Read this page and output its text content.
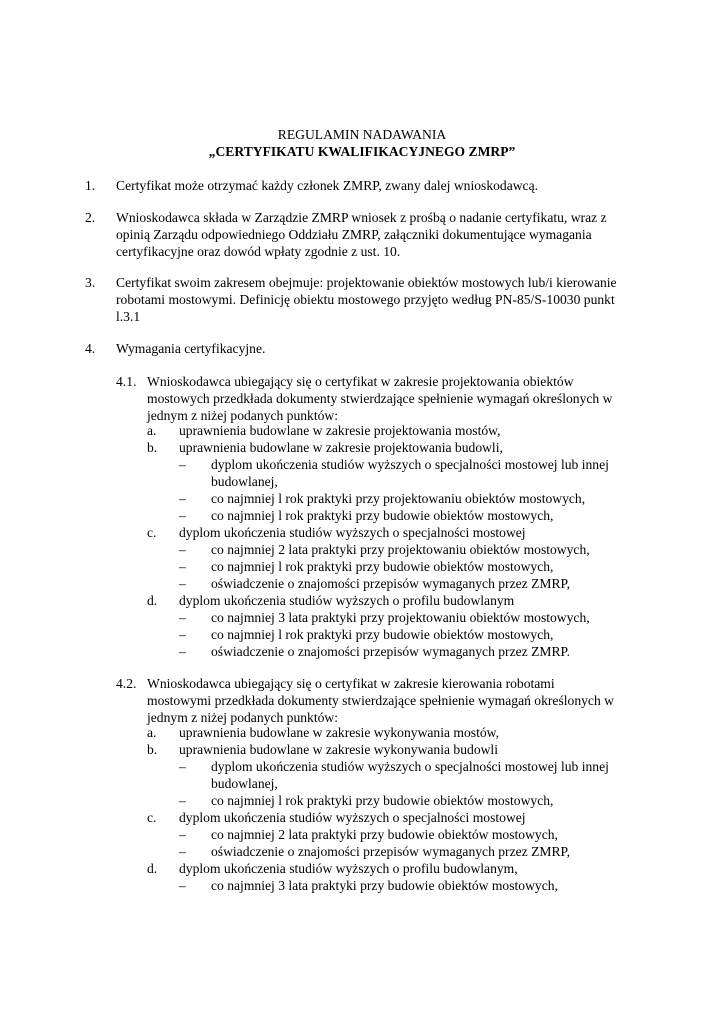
REGULAMIN NADAWANIA
„CERTYFIKATU KWALIFIKACYJNEGO ZMRP”
1. Certyfikat może otrzymać każdy członek ZMRP, zwany dalej wnioskodawcą.
2. Wnioskodawca składa w Zarządzie ZMRP wniosek z prośbą o nadanie certyfikatu, wraz z
opinią Zarządu odpowiedniego Oddziału ZMRP, załączniki dokumentujące wymagania
certyfikacyjne oraz dowód wpłaty zgodnie z ust. 10.
3. Certyfikat swoim zakresem obejmuje: projektowanie obiektów mostowych lub/i kierowanie
robotami mostowymi. Definicję obiektu mostowego przyjęto według PN-85/S-10030 punkt
l.3.1
4. Wymagania certyfikacyjne.
4.1. Wnioskodawca ubiegający się o certyfikat w zakresie projektowania obiektów
mostowych przedkłada dokumenty stwierdzające spełnienie wymagań określonych w
jednym z niżej podanych punktów:
a. uprawnienia budowlane w zakresie projektowania mostów,
b. uprawnienia budowlane w zakresie projektowania budowli,
– dyplom ukończenia studiów wyższych o specjalności mostowej lub innej
budowlanej,
– co najmniej l rok praktyki przy projektowaniu obiektów mostowych,
– co najmniej l rok praktyki przy budowie obiektów mostowych,
c. dyplom ukończenia studiów wyższych o specjalności mostowej
– co najmniej 2 lata praktyki przy projektowaniu obiektów mostowych,
– co najmniej l rok praktyki przy budowie obiektów mostowych,
– oświadczenie o znajomości przepisów wymaganych przez ZMRP,
d. dyplom ukończenia studiów wyższych o profilu budowlanym
– co najmniej 3 lata praktyki przy projektowaniu obiektów mostowych,
– co najmniej l rok praktyki przy budowie obiektów mostowych,
– oświadczenie o znajomości przepisów wymaganych przez ZMRP.
4.2. Wnioskodawca ubiegający się o certyfikat w zakresie kierowania robotami
mostowymi przedkłada dokumenty stwierdzające spełnienie wymagań określonych w
jednym z niżej podanych punktów:
a. uprawnienia budowlane w zakresie wykonywania mostów,
b. uprawnienia budowlane w zakresie wykonywania budowli
– dyplom ukończenia studiów wyższych o specjalności mostowej lub innej
budowlanej,
– co najmniej l rok praktyki przy budowie obiektów mostowych,
c. dyplom ukończenia studiów wyższych o specjalności mostowej
– co najmniej 2 lata praktyki przy budowie obiektów mostowych,
– oświadczenie o znajomości przepisów wymaganych przez ZMRP,
d. dyplom ukończenia studiów wyższych o profilu budowlanym,
– co najmniej 3 lata praktyki przy budowie obiektów mostowych,
